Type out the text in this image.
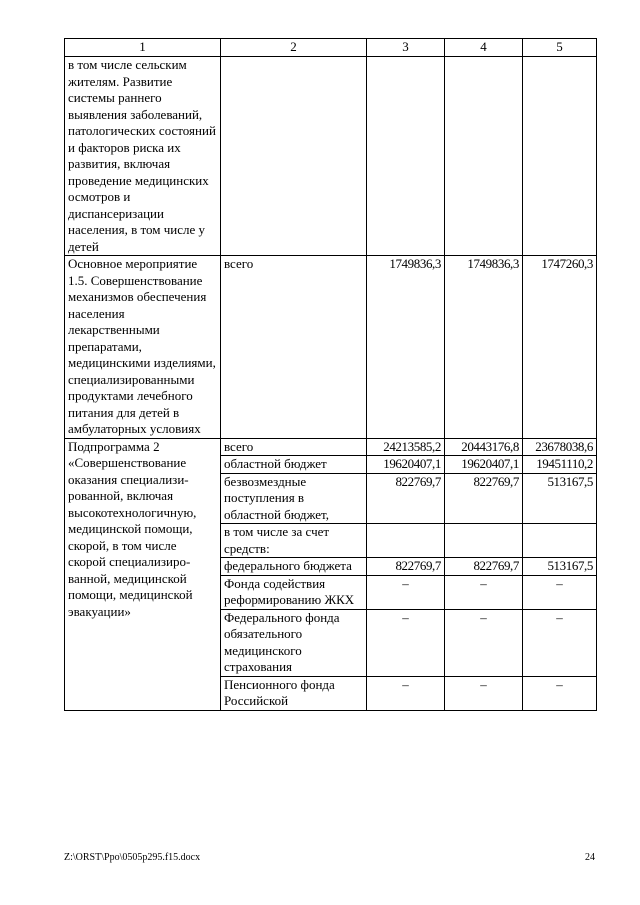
1	2	3	4	5
в том числе сельским жителям. Развитие системы раннего выявления заболеваний, патологических состояний и факторов риска их развития, включая проведение медицинских осмотров и диспансеризации населения, в том числе у детей				
Основное мероприятие 1.5. Совершенствование механизмов обеспечения населения лекарственными препаратами, медицинскими изделиями, специализированными продуктами лечебного питания для детей в амбулаторных условиях	всего	1749836,3	1749836,3	1747260,3
Подпрограмма 2 «Совершенствование оказания специализи-рованной, включая высокотехнологичную, медицинской помощи, скорой, в том числе скорой специализиро-ванной, медицинской помощи, медицинской эвакуации»	всего	24213585,2	20443176,8	23678038,6
	областной бюджет	19620407,1	19620407,1	19451110,2
	безвозмездные поступления в областной бюджет,	822769,7	822769,7	513167,5
	в том числе за счет средств:			
	федерального бюджета	822769,7	822769,7	513167,5
	Фонда содействия реформированию ЖКХ	–	–	–
	Федерального фонда обязательного медицинского страхования	–	–	–
	Пенсионного фонда Российской	–	–	–
Z:\ORST\Ppo\0505p295.f15.docx	24
